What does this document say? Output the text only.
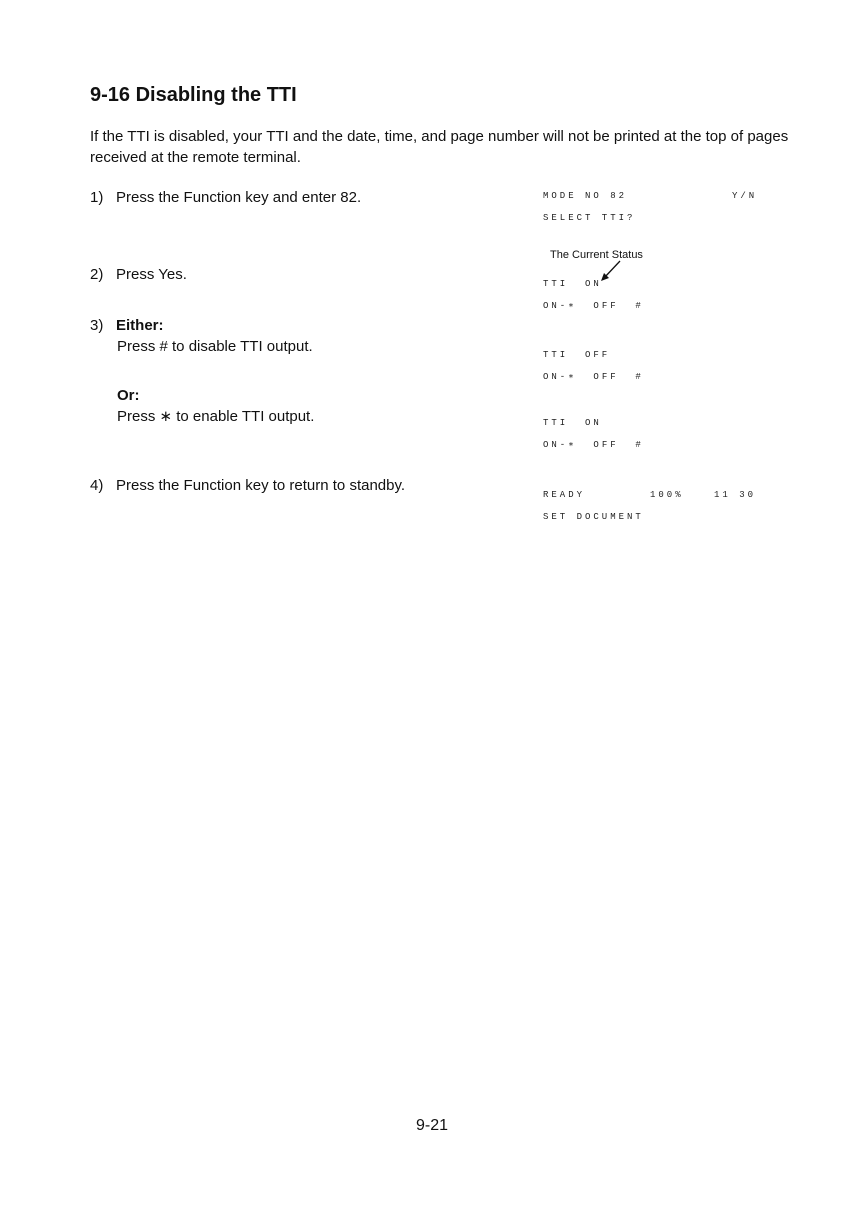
9-16 Disabling the TTI

If the TTI is disabled, your TTI and the date, time, and page number will not be printed at the top of pages received at the remote terminal.

1) Press the Function key and enter 82.	MODE NO 82	Y/N
SELECT TTI?
The Current Status
2) Press Yes.
TTI  ON
ON-∗  OFF  #
3) Either:
Press # to disable TTI output.	TTI  OFF
ON-∗  OFF  #
Or:
Press ∗ to enable TTI output.	TTI  ON
ON-∗  OFF  #
4) Press the Function key to return to standby.
READY	100%	11 30
SET DOCUMENT
9-21
